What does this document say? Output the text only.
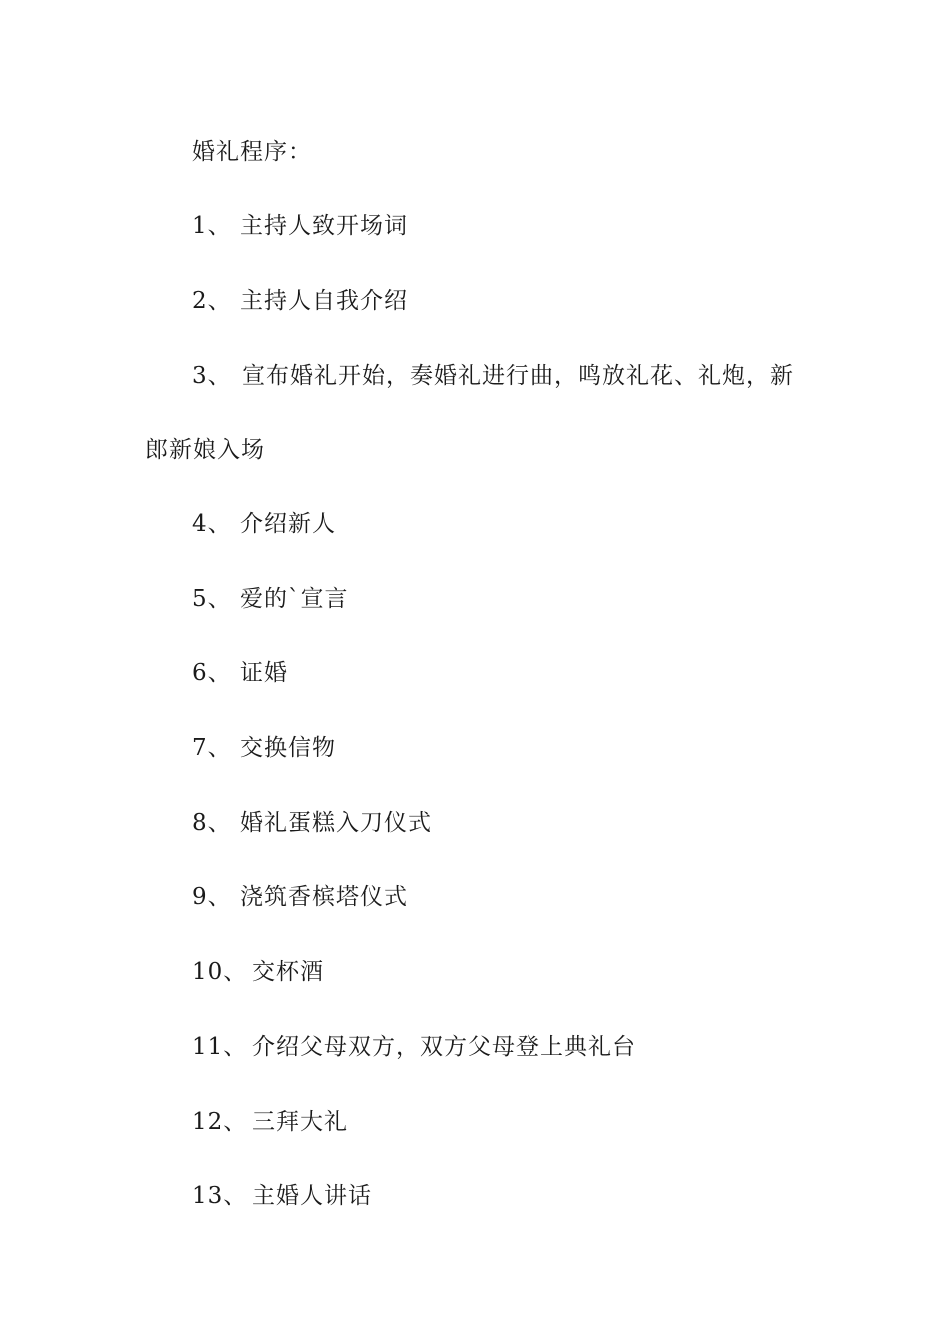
婚礼程序：
1、 主持人致开场词
2、 主持人自我介绍
3、 宣布婚礼开始，奏婚礼进行曲，鸣放礼花、礼炮，新
郎新娘入场
4、 介绍新人
5、 爱的`宣言
6、 证婚
7、 交换信物
8、 婚礼蛋糕入刀仪式
9、 浇筑香槟塔仪式
10、 交杯酒
11、 介绍父母双方，双方父母登上典礼台
12、 三拜大礼
13、 主婚人讲话
